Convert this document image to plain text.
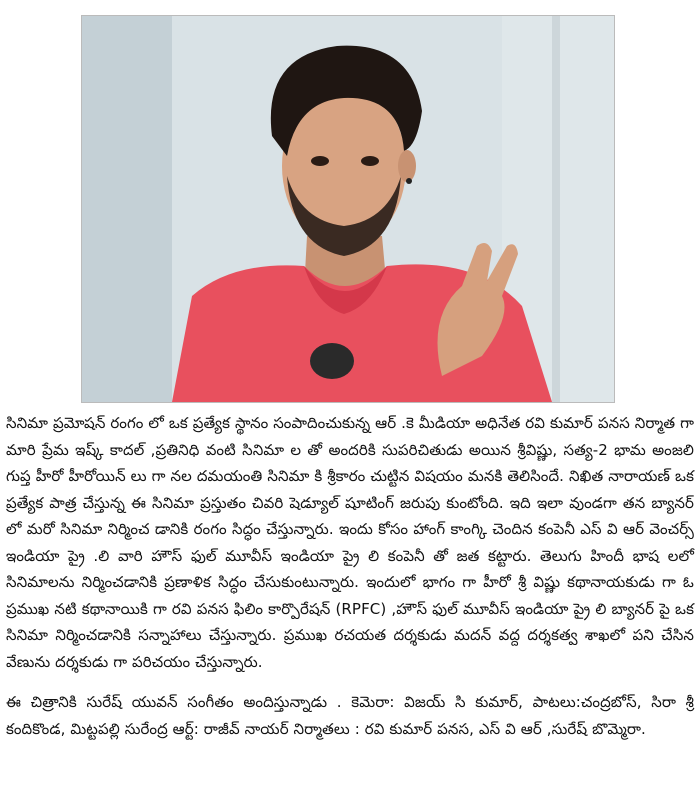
సినిమా ప్రమోషన్ రంగం లో ఒక ప్రత్యేక స్థానం సంపాదించుకున్న ఆర్ .కె మీడియా అధినేత రవి కుమార్ పనస నిర్మాత గా మారి ప్రేమ ఇష్క్ కాదల్ ,ప్రతినిధి వంటి సినిమా ల తో అందరికి సుపరిచితుడు అయిన శ్రీవిష్ణు, సత్య-2 భామ అంజలి గుప్త హీరో హీరోయిన్ లు గా నల దమయంతి సినిమా కి శ్రీకారం చుట్టిన విషయం మనకి తెలిసిందే. నిఖిత నారాయణ్ ఒక ప్రత్యేక పాత్ర చేస్తున్న ఈ సినిమా ప్రస్తుతం చివరి షెడ్యూల్ షూటింగ్ జరుపు కుంటోంది. ఇది ఇలా వుండగా తన బ్యానర్ లో మరో సినిమా నిర్మించ డానికి రంగం సిద్ధం చేస్తున్నారు. ఇందు కోసం హాంగ్ కాంగ్కి చెందిన కంపెనీ ఎస్ వి ఆర్ వెంచర్స్ ఇండియా ప్రై .లి వారి హౌస్ ఫుల్ మూవీస్ ఇండియా ప్రై లి కంపెనీ తో జత కట్టారు. తెలుగు హిందీ భాష లలో సినిమాలను నిర్మించడానికి ప్రణాళిక సిద్ధం చేసుకుంటున్నారు. ఇందులో భాగం గా హీరో శ్రీ విష్ణు కథానాయకుడు గా ఓ ప్రముఖ నటి కథానాయికి గా రవి పనస ఫిలిం కార్పొరేషన్ (RPFC) ,హౌస్ ఫుల్ మూవీస్ ఇండియా ప్రై లి బ్యానర్ పై ఒక సినిమా నిర్మించడానికి సన్నాహాలు చేస్తున్నారు. ప్రముఖ రచయత దర్శకుడు మదన్ వద్ద దర్శకత్వ శాఖలో పని చేసిన వేణును దర్శకుడు గా పరిచయం చేస్తున్నారు.

ఈ చిత్రానికి సురేష్ యువన్ సంగీతం అందిస్తున్నాడు . కెమెరా: విజయ్ సి కుమార్, పాటలు:చంద్రబోస్, సిరా శ్రీ కందికొండ, మిట్టపల్లి సురేంద్ర ఆర్ట్: రాజీవ్ నాయర్ నిర్మాతలు : రవి కుమార్ పనస, ఎస్ వి ఆర్ ,సురేష్ బొమ్మెరా.
